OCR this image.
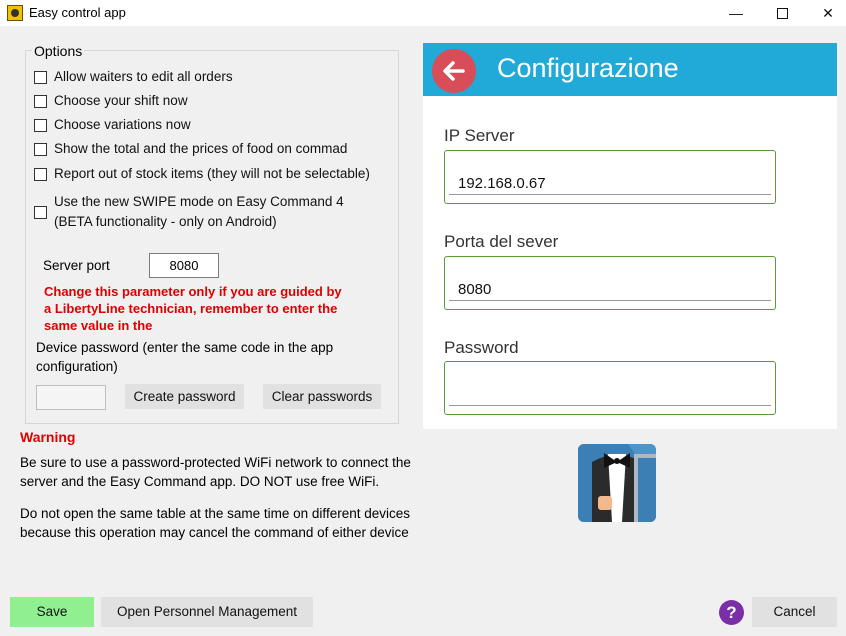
Easy control app	—	✕
Options
Allow waiters to edit all orders
Choose your shift now
Choose variations now
Show the total and the prices of food on commad
Report out of stock items (they will not be selectable)
Use the new SWIPE mode on Easy Command 4
(BETA functionality - only on Android)
Server port	8080
Change this parameter only if you are guided by a LibertyLine technician, remember to enter the same value in the
Device password (enter the same code in the app configuration)
Create password	Clear passwords
Warning
Be sure to use a password-protected WiFi network to connect the server and the Easy Command app. DO NOT use free WiFi.
Do not open the same table at the same time on different devices because this operation may cancel the command of either device
Configurazione
IP Server
192.168.0.67
Porta del sever
8080
Password
Save	Open Personnel Management	?	Cancel
